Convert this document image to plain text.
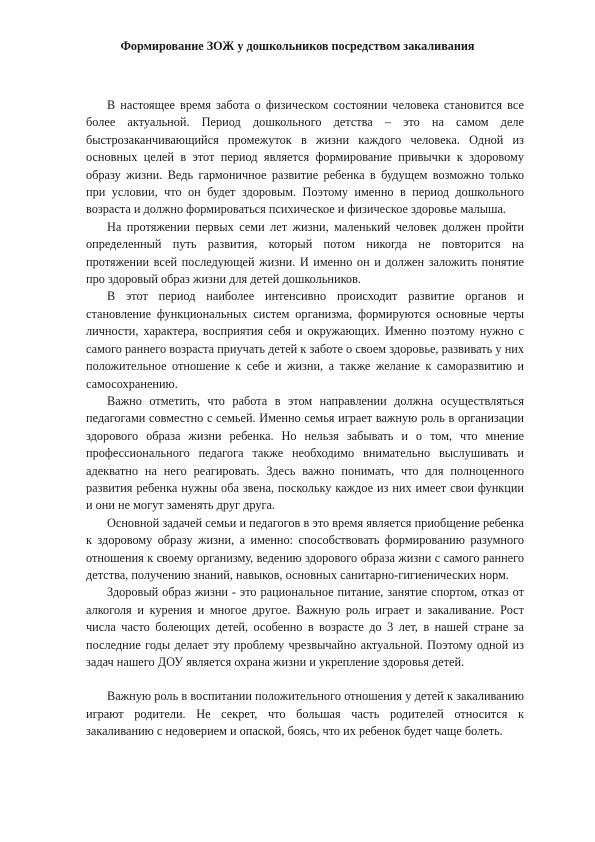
Формирование ЗОЖ у дошкольников посредством закаливания

В настоящее время забота о физическом состоянии человека становится все более актуальной. Период дошкольного детства – это на самом деле быстрозаканчивающийся промежуток в жизни каждого человека. Одной из основных целей в этот период является формирование привычки к здоровому образу жизни. Ведь гармоничное развитие ребенка в будущем возможно только при условии, что он будет здоровым. Поэтому именно в период дошкольного возраста и должно формироваться психическое и физическое здоровье малыша.

На протяжении первых семи лет жизни, маленький человек должен пройти определенный путь развития, который потом никогда не повторится на протяжении всей последующей жизни. И именно он и должен заложить понятие про здоровый образ жизни для детей дошкольников.

В этот период наиболее интенсивно происходит развитие органов и становление функциональных систем организма, формируются основные черты личности, характера, восприятия себя и окружающих. Именно поэтому нужно с самого раннего возраста приучать детей к заботе о своем здоровье, развивать у них положительное отношение к себе и жизни, а также желание к саморазвитию и самосохранению.

Важно отметить, что работа в этом направлении должна осуществляться педагогами совместно с семьей. Именно семья играет важную роль в организации здорового образа жизни ребенка. Но нельзя забывать и о том, что мнение профессионального педагога также необходимо внимательно выслушивать и адекватно на него реагировать. Здесь важно понимать, что для полноценного развития ребенка нужны оба звена, поскольку каждое из них имеет свои функции и они не могут заменять друг друга.

Основной задачей семьи и педагогов в это время является приобщение ребенка к здоровому образу жизни, а именно: способствовать формированию разумного отношения к своему организму, ведению здорового образа жизни с самого раннего детства, получению знаний, навыков, основных санитарно-гигиенических норм.

Здоровый образ жизни - это рациональное питание, занятие спортом, отказ от алкоголя и курения и многое другое. Важную роль играет и закаливание. Рост числа часто болеющих детей, особенно в возрасте до 3 лет, в нашей стране за последние годы делает эту проблему чрезвычайно актуальной. Поэтому одной из задач нашего ДОУ является охрана жизни и укрепление здоровья детей.

Важную роль в воспитании положительного отношения у детей к закаливанию играют родители. Не секрет, что большая часть родителей относится к закаливанию с недоверием и опаской, боясь, что их ребенок будет чаще болеть.
